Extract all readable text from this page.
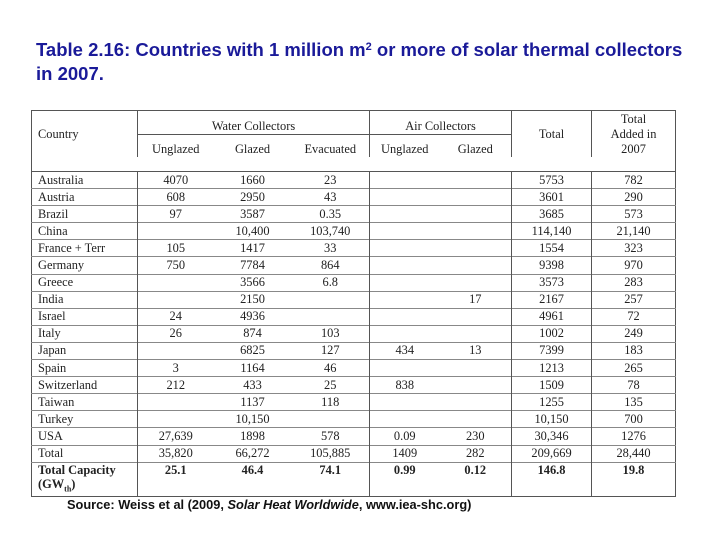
Table 2.16: Countries with 1 million $m^2$ or more of solar thermal collectors in 2007.
Country	Water Collectors			Air Collectors		Total	Total
Added in
2007

	Unglazed	Glazed	Evacuated	Unglazed	Glazed		

Australia	4070	1660	23			5753	782
Austria	608	2950	43			3601	290
Brazil	97	3587	0.35			3685	573
China		10,400	103,740			114,140	21,140
France + Terr	105	1417	33			1554	323
Germany	750	7784	864			9398	970
Greece		3566	6.8			3573	283
India		2150			17	2167	257
Israel	24	4936				4961	72
Italy	26	874	103			1002	249
Japan		6825	127	434	13	7399	183
Spain	3	1164	46			1213	265
Switzerland	212	433	25	838		1509	78
Taiwan		1137	118			1255	135
Turkey		10,150				10,150	700
USA	27,639	1898	578	0.09	230	30,346	1276
Total	35,820	66,272	105,885	1409	282	209,669	28,440

Total Capacity
$(GW_{th})$	25.1	46.4	74.1	0.99	0.12	146.8	19.8
Source: Weiss et al (2009, Solar Heat Worldwide, www.iea-shc.org)
